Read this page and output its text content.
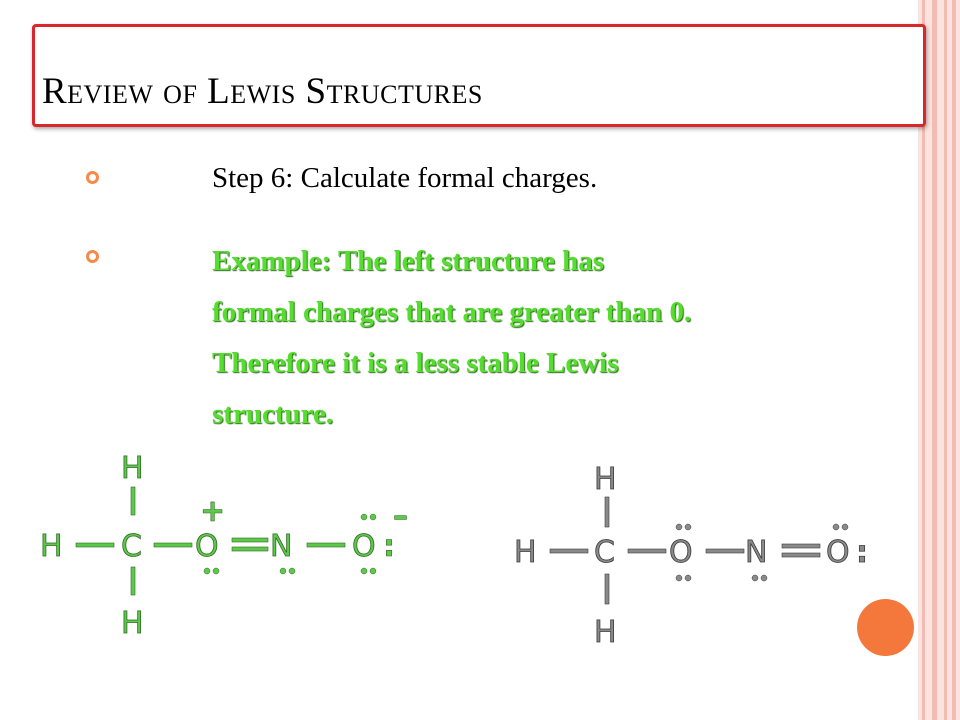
Review of Lewis Structures
Step 6: Calculate formal charges.
Example: The left structure has
formal charges that are greater than 0.
Therefore it is a less stable Lewis
structure.
H
H C O
+
N O :
–
H
H
H C O N O :
H
